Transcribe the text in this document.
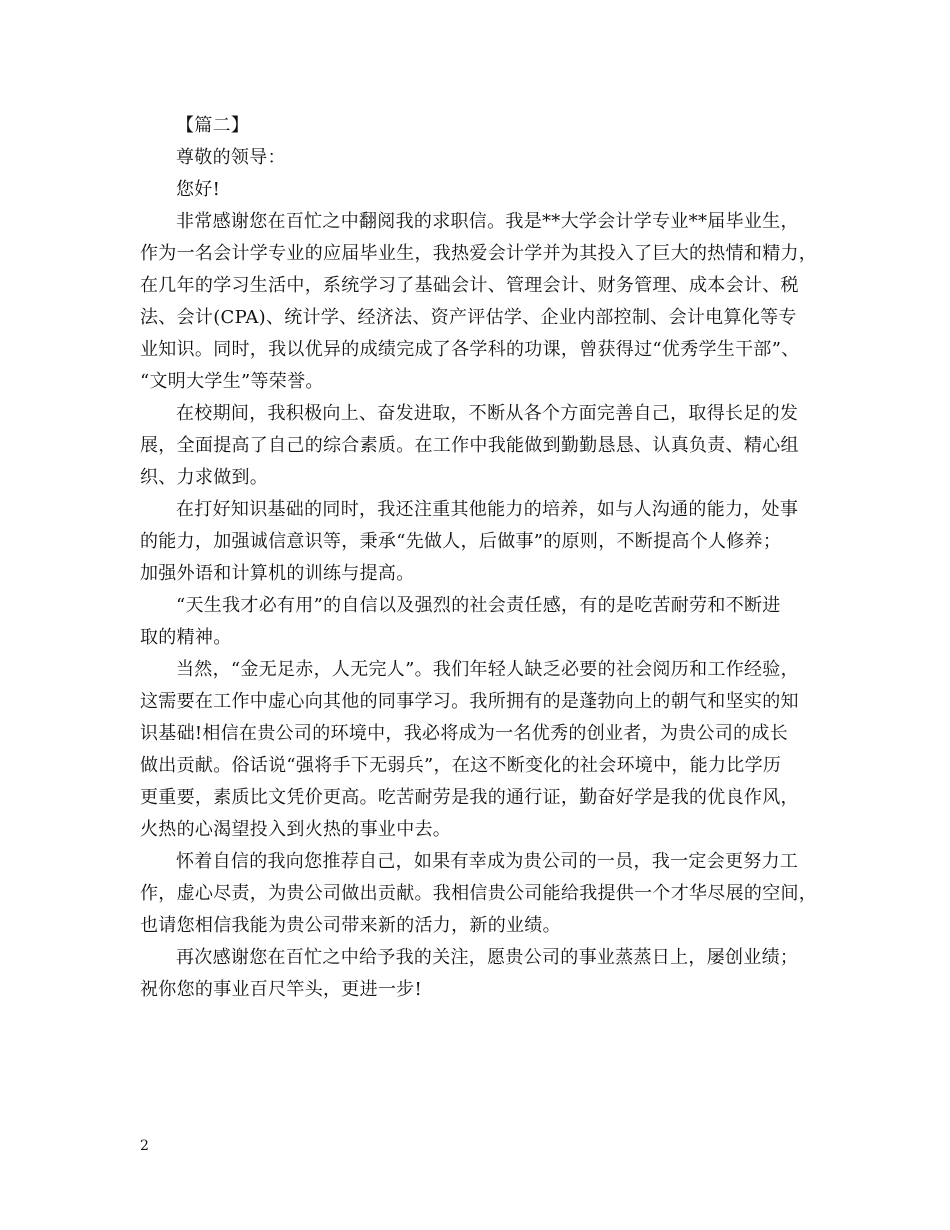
【篇二】
尊敬的领导：
您好!
非常感谢您在百忙之中翻阅我的求职信。我是**大学会计学专业**届毕业生，
作为一名会计学专业的应届毕业生，我热爱会计学并为其投入了巨大的热情和精力，
在几年的学习生活中，系统学习了基础会计、管理会计、财务管理、成本会计、税
法、会计(CPA)、统计学、经济法、资产评估学、企业内部控制、会计电算化等专
业知识。同时，我以优异的成绩完成了各学科的功课，曾获得过“优秀学生干部”、
“文明大学生”等荣誉。
在校期间，我积极向上、奋发进取，不断从各个方面完善自己，取得长足的发
展，全面提高了自己的综合素质。在工作中我能做到勤勤恳恳、认真负责、精心组
织、力求做到。
在打好知识基础的同时，我还注重其他能力的培养，如与人沟通的能力，处事
的能力，加强诚信意识等，秉承“先做人，后做事”的原则，不断提高个人修养；
加强外语和计算机的训练与提高。
“天生我才必有用”的自信以及强烈的社会责任感，有的是吃苦耐劳和不断进
取的精神。
当然，“金无足赤，人无完人”。我们年轻人缺乏必要的社会阅历和工作经验，
这需要在工作中虚心向其他的同事学习。我所拥有的是蓬勃向上的朝气和坚实的知
识基础!相信在贵公司的环境中，我必将成为一名优秀的创业者，为贵公司的成长
做出贡献。俗话说“强将手下无弱兵”，在这不断变化的社会环境中，能力比学历
更重要，素质比文凭价更高。吃苦耐劳是我的通行证，勤奋好学是我的优良作风，
火热的心渴望投入到火热的事业中去。
怀着自信的我向您推荐自己，如果有幸成为贵公司的一员，我一定会更努力工
作，虚心尽责，为贵公司做出贡献。我相信贵公司能给我提供一个才华尽展的空间，
也请您相信我能为贵公司带来新的活力，新的业绩。
再次感谢您在百忙之中给予我的关注，愿贵公司的事业蒸蒸日上，屡创业绩；
祝你您的事业百尺竿头，更进一步!
2
